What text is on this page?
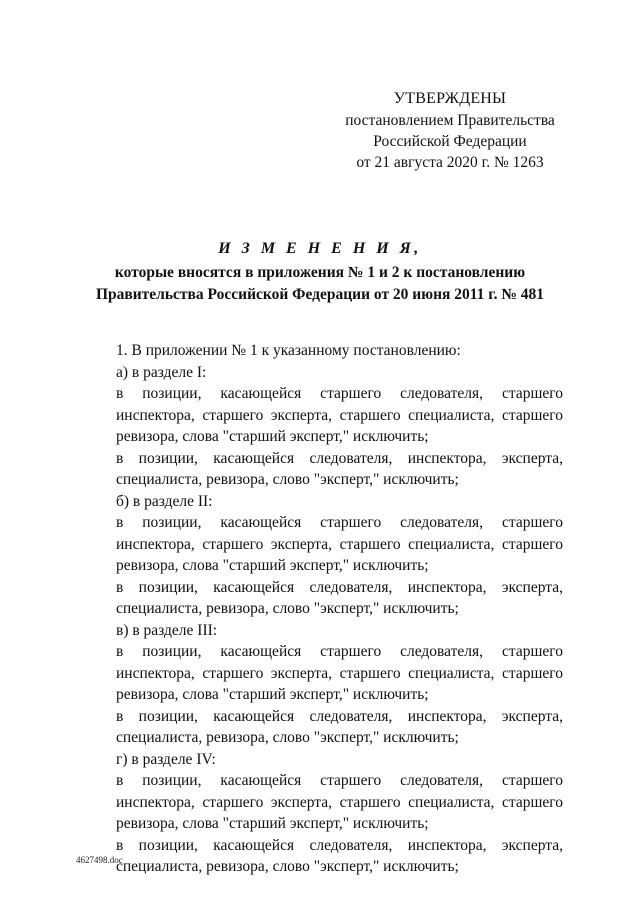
УТВЕРЖДЕНЫ
постановлением Правительства
Российской Федерации
от 21 августа 2020 г. № 1263
И З М Е Н Е Н И Я,
которые вносятся в приложения № 1 и 2 к постановлению
Правительства Российской Федерации от 20 июня 2011 г. № 481

1. В приложении № 1 к указанному постановлению:

а) в разделе I:

в позиции, касающейся старшего следователя, старшего инспектора, старшего эксперта, старшего специалиста, старшего ревизора, слова "старший эксперт," исключить;

в позиции, касающейся следователя, инспектора, эксперта, специалиста, ревизора, слово "эксперт," исключить;

б) в разделе II:

в позиции, касающейся старшего следователя, старшего инспектора, старшего эксперта, старшего специалиста, старшего ревизора, слова "старший эксперт," исключить;

в позиции, касающейся следователя, инспектора, эксперта, специалиста, ревизора, слово "эксперт," исключить;

в) в разделе III:

в позиции, касающейся старшего следователя, старшего инспектора, старшего эксперта, старшего специалиста, старшего ревизора, слова "старший эксперт," исключить;

в позиции, касающейся следователя, инспектора, эксперта, специалиста, ревизора, слово "эксперт," исключить;

г) в разделе IV:

в позиции, касающейся старшего следователя, старшего инспектора, старшего эксперта, старшего специалиста, старшего ревизора, слова "старший эксперт," исключить;

в позиции, касающейся следователя, инспектора, эксперта, специалиста, ревизора, слово "эксперт," исключить;

4627498.doc
